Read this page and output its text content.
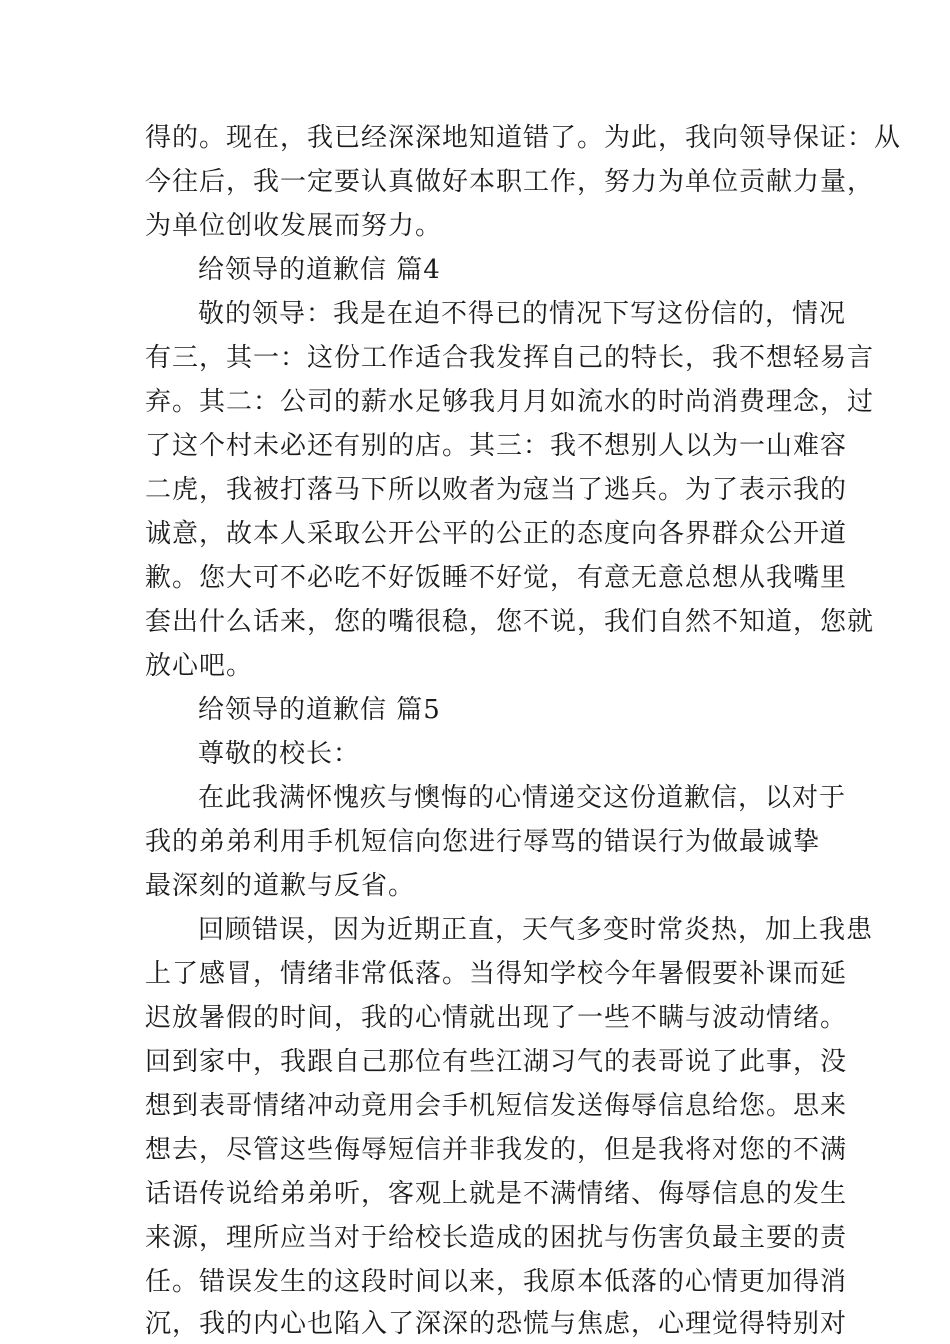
得的。现在，我已经深深地知道错了。为此，我向领导保证：从
今往后，我一定要认真做好本职工作，努力为单位贡献力量，
为单位创收发展而努力。
给领导的道歉信 篇4
敬的领导：我是在迫不得已的情况下写这份信的，情况
有三，其一：这份工作适合我发挥自己的特长，我不想轻易言
弃。其二：公司的薪水足够我月月如流水的时尚消费理念，过
了这个村未必还有别的店。其三：我不想别人以为一山难容
二虎，我被打落马下所以败者为寇当了逃兵。为了表示我的
诚意，故本人采取公开公平的公正的态度向各界群众公开道
歉。您大可不必吃不好饭睡不好觉，有意无意总想从我嘴里
套出什么话来，您的嘴很稳，您不说，我们自然不知道，您就
放心吧。
给领导的道歉信 篇5
尊敬的校长：
在此我满怀愧疚与懊悔的心情递交这份道歉信，以对于
我的弟弟利用手机短信向您进行辱骂的错误行为做最诚挚
最深刻的道歉与反省。
回顾错误，因为近期正直，天气多变时常炎热，加上我患
上了感冒，情绪非常低落。当得知学校今年暑假要补课而延
迟放暑假的时间，我的心情就出现了一些不瞒与波动情绪。
回到家中，我跟自己那位有些江湖习气的表哥说了此事，没
想到表哥情绪冲动竟用会手机短信发送侮辱信息给您。思来
想去，尽管这些侮辱短信并非我发的，但是我将对您的不满
话语传说给弟弟听，客观上就是不满情绪、侮辱信息的发生
来源，理所应当对于给校长造成的困扰与伤害负最主要的责
任。错误发生的这段时间以来，我原本低落的心情更加得消
沉，我的内心也陷入了深深的恐慌与焦虑，心理觉得特别对
